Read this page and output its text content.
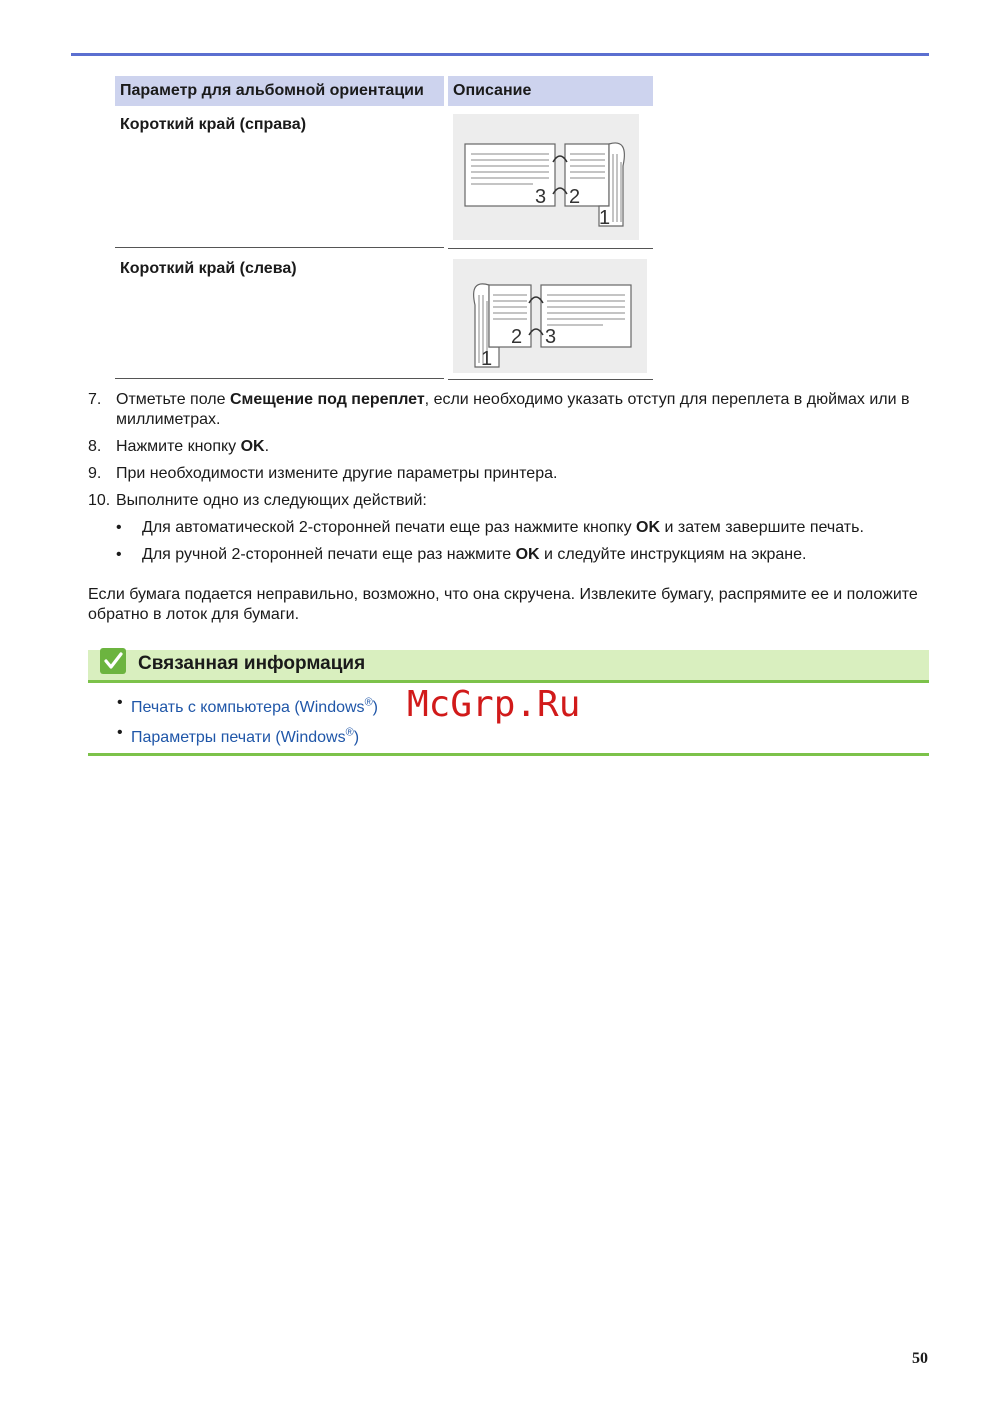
Параметр для альбомной ориентации	Описание
Короткий край (справа)
3 2
1
Короткий край (слева)
1
2 3
7. Отметьте поле Смещение под переплет, если необходимо указать отступ для переплета в дюймах или в миллиметрах.

8. Нажмите кнопку OK.

9. При необходимости измените другие параметры принтера.

10. Выполните одно из следующих действий:

• Для автоматической 2-сторонней печати еще раз нажмите кнопку OK и затем завершите печать.
• Для ручной 2-сторонней печати еще раз нажмите OK и следуйте инструкциям на экране.

Если бумага подается неправильно, возможно, что она скручена. Извлеките бумагу, распрямите ее и положите обратно в лоток для бумаги.

Связанная информация
• Печать с компьютера (Windows®)
• Параметры печати (Windows®)
McGrp.Ru
50
